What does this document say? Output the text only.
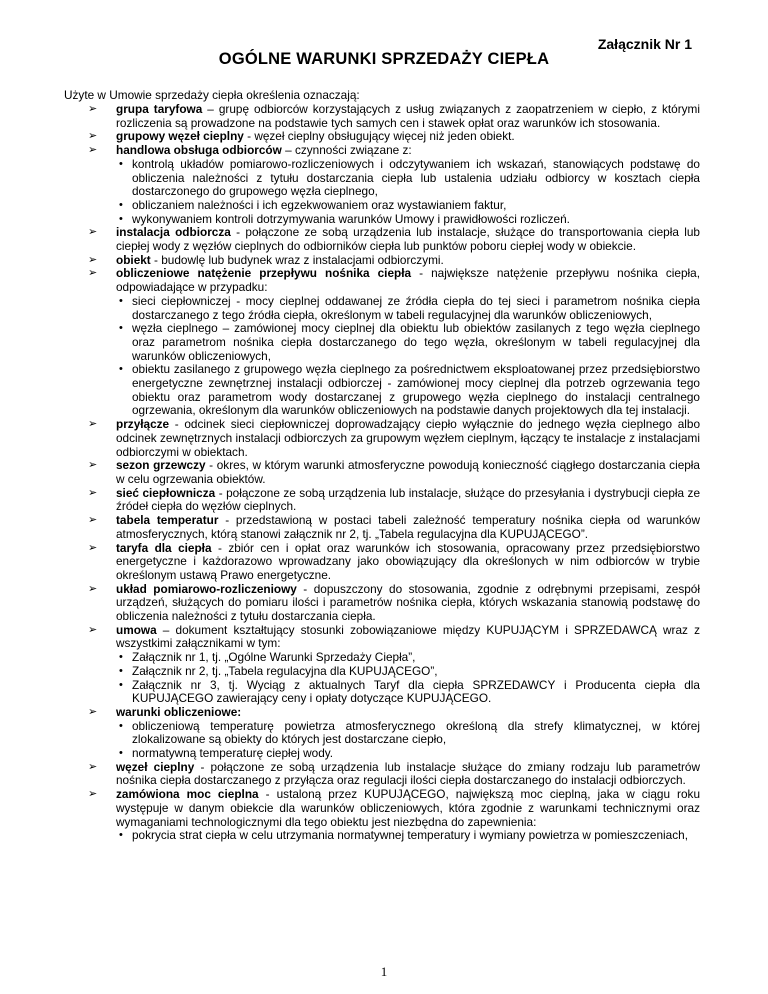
Załącznik Nr 1
OGÓLNE WARUNKI SPRZEDAŻY CIEPŁA
Użyte w Umowie sprzedaży ciepła określenia oznaczają:
➢ grupa taryfowa – grupę odbiorców korzystających z usług związanych z zaopatrzeniem w ciepło, z którymi rozliczenia są prowadzone na podstawie tych samych cen i stawek opłat oraz warunków ich stosowania.
➢ grupowy węzeł cieplny - węzeł cieplny obsługujący więcej niż jeden obiekt.
➢ handlowa obsługa odbiorców – czynności związane z:
• kontrolą układów pomiarowo-rozliczeniowych i odczytywaniem ich wskazań, stanowiących podstawę do obliczenia należności z tytułu dostarczania ciepła lub ustalenia udziału odbiorcy w kosztach ciepła dostarczonego do grupowego węzła cieplnego,
• obliczaniem należności i ich egzekwowaniem oraz wystawianiem faktur,
• wykonywaniem kontroli dotrzymywania warunków Umowy i prawidłowości rozliczeń.
➢ instalacja odbiorcza - połączone ze sobą urządzenia lub instalacje, służące do transportowania ciepła lub ciepłej wody z węzłów cieplnych do odbiorników ciepła lub punktów poboru ciepłej wody w obiekcie.
➢ obiekt - budowlę lub budynek wraz z instalacjami odbiorczymi.
➢ obliczeniowe natężenie przepływu nośnika ciepła - największe natężenie przepływu nośnika ciepła, odpowiadające w przypadku:
• sieci ciepłowniczej - mocy cieplnej oddawanej ze źródła ciepła do tej sieci i parametrom nośnika ciepła dostarczanego z tego źródła ciepła, określonym w tabeli regulacyjnej dla warunków obliczeniowych,
• węzła cieplnego – zamówionej mocy cieplnej dla obiektu lub obiektów zasilanych z tego węzła cieplnego oraz parametrom nośnika ciepła dostarczanego do tego węzła, określonym w tabeli regulacyjnej dla warunków obliczeniowych,
• obiektu zasilanego z grupowego węzła cieplnego za pośrednictwem eksploatowanej przez przedsiębiorstwo energetyczne zewnętrznej instalacji odbiorczej - zamówionej mocy cieplnej dla potrzeb ogrzewania tego obiektu oraz parametrom wody dostarczanej z grupowego węzła cieplnego do instalacji centralnego ogrzewania, określonym dla warunków obliczeniowych na podstawie danych projektowych dla tej instalacji.
➢ przyłącze - odcinek sieci ciepłowniczej doprowadzający ciepło wyłącznie do jednego węzła cieplnego albo odcinek zewnętrznych instalacji odbiorczych za grupowym węzłem cieplnym, łączący te instalacje z instalacjami odbiorczymi w obiektach.
➢ sezon grzewczy - okres, w którym warunki atmosferyczne powodują konieczność ciągłego dostarczania ciepła w celu ogrzewania obiektów.
➢ sieć ciepłownicza - połączone ze sobą urządzenia lub instalacje, służące do przesyłania i dystrybucji ciepła ze źródeł ciepła do węzłów cieplnych.
➢ tabela temperatur - przedstawioną w postaci tabeli zależność temperatury nośnika ciepła od warunków atmosferycznych, którą stanowi załącznik nr 2, tj. „Tabela regulacyjna dla KUPUJĄCEGO”.
➢ taryfa dla ciepła - zbiór cen i opłat oraz warunków ich stosowania, opracowany przez przedsiębiorstwo energetyczne i każdorazowo wprowadzany jako obowiązujący dla określonych w nim odbiorców w trybie określonym ustawą Prawo energetyczne.
➢ układ pomiarowo-rozliczeniowy - dopuszczony do stosowania, zgodnie z odrębnymi przepisami, zespół urządzeń, służących do pomiaru ilości i parametrów nośnika ciepła, których wskazania stanowią podstawę do obliczenia należności z tytułu dostarczania ciepła.
➢ umowa – dokument kształtujący stosunki zobowiązaniowe między KUPUJĄCYM i SPRZEDAWCĄ wraz z wszystkimi załącznikami w tym:
• Załącznik nr 1, tj. „Ogólne Warunki Sprzedaży Ciepła”,
• Załącznik nr 2, tj. „Tabela regulacyjna dla KUPUJĄCEGO”,
• Załącznik nr 3, tj. Wyciąg z aktualnych Taryf dla ciepła SPRZEDAWCY i Producenta ciepła dla KUPUJĄCEGO zawierający ceny i opłaty dotyczące KUPUJĄCEGO.
➢ warunki obliczeniowe:
• obliczeniową temperaturę powietrza atmosferycznego określoną dla strefy klimatycznej, w której zlokalizowane są obiekty do których jest dostarczane ciepło,
• normatywną temperaturę ciepłej wody.
➢ węzeł cieplny - połączone ze sobą urządzenia lub instalacje służące do zmiany rodzaju lub parametrów nośnika ciepła dostarczanego z przyłącza oraz regulacji ilości ciepła dostarczanego do instalacji odbiorczych.
➢ zamówiona moc cieplna - ustaloną przez KUPUJĄCEGO, największą moc cieplną, jaka w ciągu roku występuje w danym obiekcie dla warunków obliczeniowych, która zgodnie z warunkami technicznymi oraz wymaganiami technologicznymi dla tego obiektu jest niezbędna do zapewnienia:
• pokrycia strat ciepła w celu utrzymania normatywnej temperatury i wymiany powietrza w pomieszczeniach,
1
